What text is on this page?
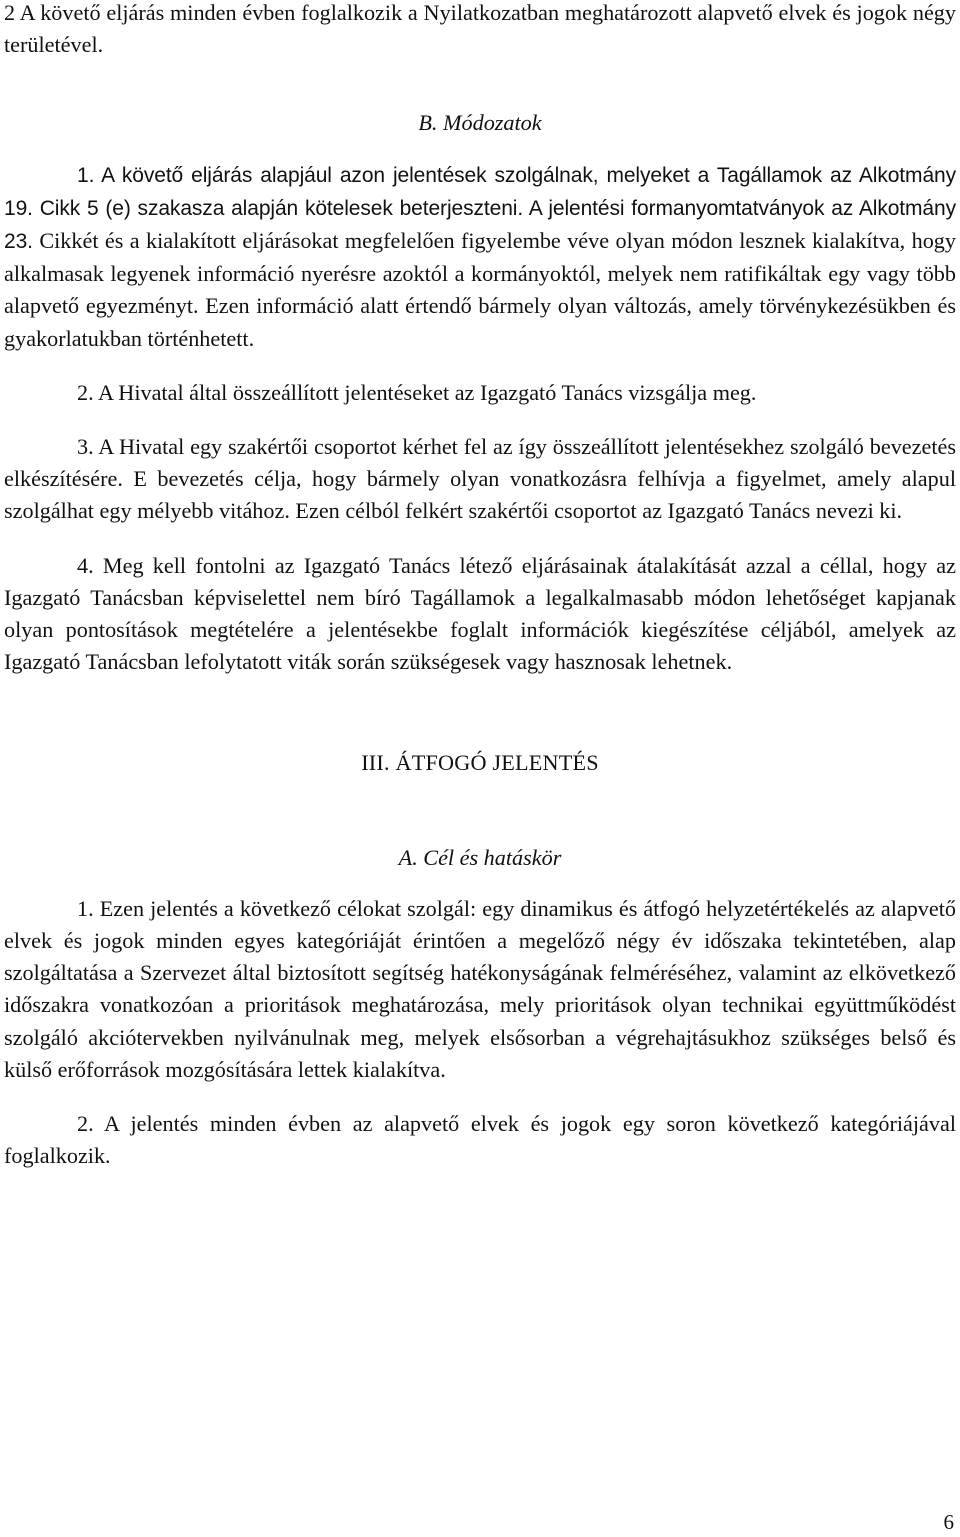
2 A követő eljárás minden évben foglalkozik a Nyilatkozatban meghatározott alapvető elvek és jogok négy területével.

B. Módozatok

1. A követő eljárás alapjául azon jelentések szolgálnak, melyeket a Tagállamok az Alkotmány 19. Cikk 5 (e) szakasza alapján kötelesek beterjeszteni. A jelentési formanyomtatványok az Alkotmány 23. Cikkét és a kialakított eljárásokat megfelelően figyelembe véve olyan módon lesznek kialakítva, hogy alkalmasak legyenek információ nyerésre azoktól a kormányoktól, melyek nem ratifikáltak egy vagy több alapvető egyezményt. Ezen információ alatt értendő bármely olyan változás, amely törvénykezésükben és gyakorlatukban történhetett.

2. A Hivatal által összeállított jelentéseket az Igazgató Tanács vizsgálja meg.

3. A Hivatal egy szakértői csoportot kérhet fel az így összeállított jelentésekhez szolgáló bevezetés elkészítésére. E bevezetés célja, hogy bármely olyan vonatkozásra felhívja a figyelmet, amely alapul szolgálhat egy mélyebb vitához. Ezen célból felkért szakértői csoportot az Igazgató Tanács nevezi ki.

4. Meg kell fontolni az Igazgató Tanács létező eljárásainak átalakítását azzal a céllal, hogy az Igazgató Tanácsban képviselettel nem bíró Tagállamok a legalkalmasabb módon lehetőséget kapjanak olyan pontosítások megtételére a jelentésekbe foglalt információk kiegészítése céljából, amelyek az Igazgató Tanácsban lefolytatott viták során szükségesek vagy hasznosak lehetnek.

III. ÁTFOGÓ JELENTÉS

A. Cél és hatáskör

1. Ezen jelentés a következő célokat szolgál: egy dinamikus és átfogó helyzetértékelés az alapvető elvek és jogok minden egyes kategóriáját érintően a megelőző négy év időszaka tekintetében, alap szolgáltatása a Szervezet által biztosított segítség hatékonyságának felméréséhez, valamint az elkövetkező időszakra vonatkozóan a prioritások meghatározása, mely prioritások olyan technikai együttműködést szolgáló akciótervekben nyilvánulnak meg, melyek elsősorban a végrehajtásukhoz szükséges belső és külső erőforrások mozgósítására lettek kialakítva.

2. A jelentés minden évben az alapvető elvek és jogok egy soron következő kategóriájával foglalkozik.

6
